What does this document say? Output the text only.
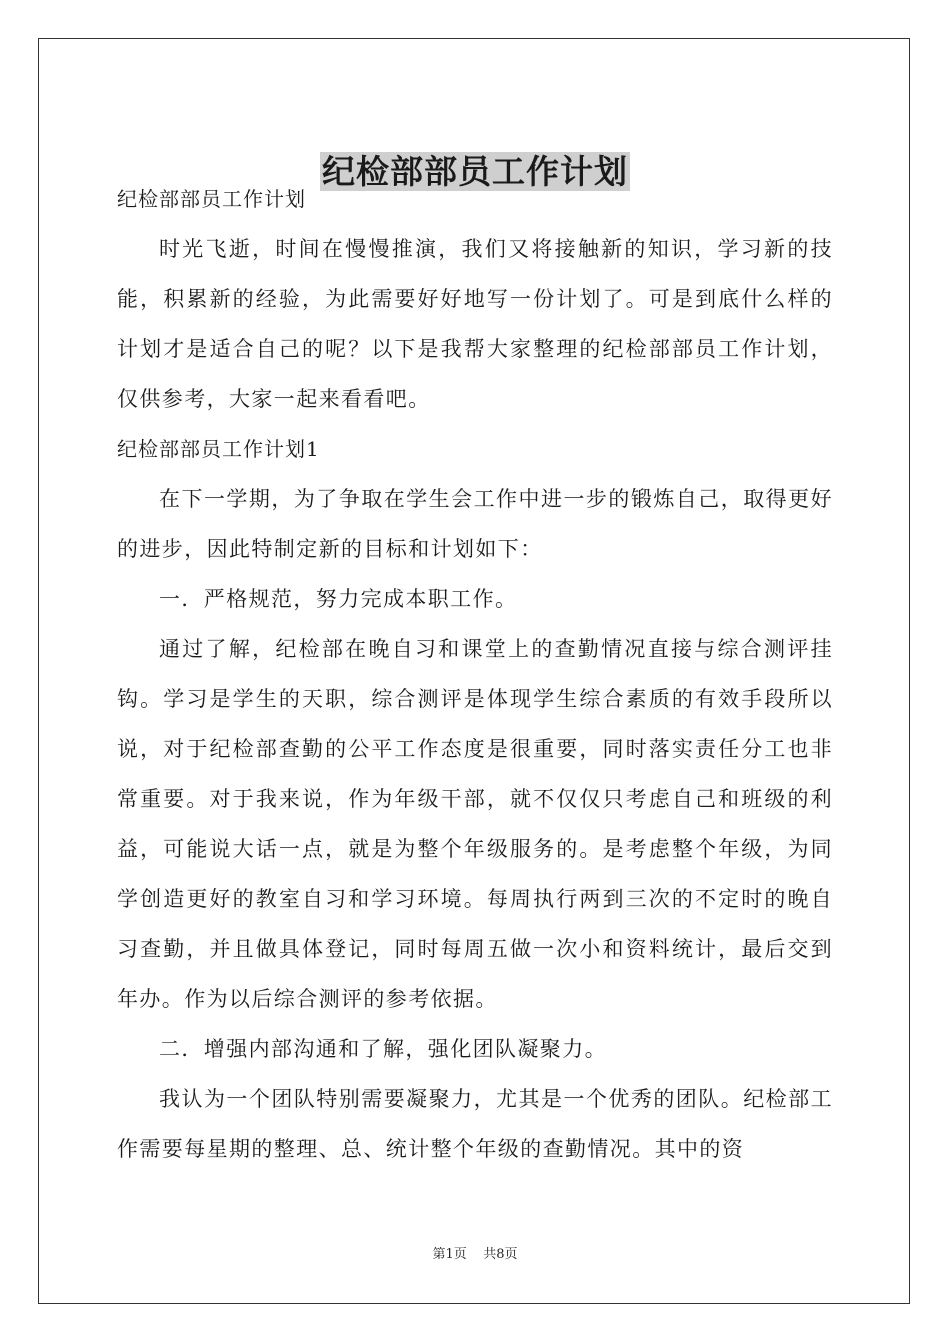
纪检部部员工作计划

纪检部部员工作计划

时光飞逝，时间在慢慢推演，我们又将接触新的知识，学习新的技能，积累新的经验，为此需要好好地写一份计划了。可是到底什么样的计划才是适合自己的呢？以下是我帮大家整理的纪检部部员工作计划，仅供参考，大家一起来看看吧。

纪检部部员工作计划1

在下一学期，为了争取在学生会工作中进一步的锻炼自己，取得更好的进步，因此特制定新的目标和计划如下：

一．严格规范，努力完成本职工作。

通过了解，纪检部在晚自习和课堂上的查勤情况直接与综合测评挂钩。学习是学生的天职，综合测评是体现学生综合素质的有效手段所以说，对于纪检部查勤的公平工作态度是很重要，同时落实责任分工也非常重要。对于我来说，作为年级干部，就不仅仅只考虑自己和班级的利益，可能说大话一点，就是为整个年级服务的。是考虑整个年级，为同学创造更好的教室自习和学习环境。每周执行两到三次的不定时的晚自习查勤，并且做具体登记，同时每周五做一次小和资料统计，最后交到年办。作为以后综合测评的参考依据。

二．增强内部沟通和了解，强化团队凝聚力。

我认为一个团队特别需要凝聚力，尤其是一个优秀的团队。纪检部工作需要每星期的整理、总、统计整个年级的查勤情况。其中的资

第1页    共8页
